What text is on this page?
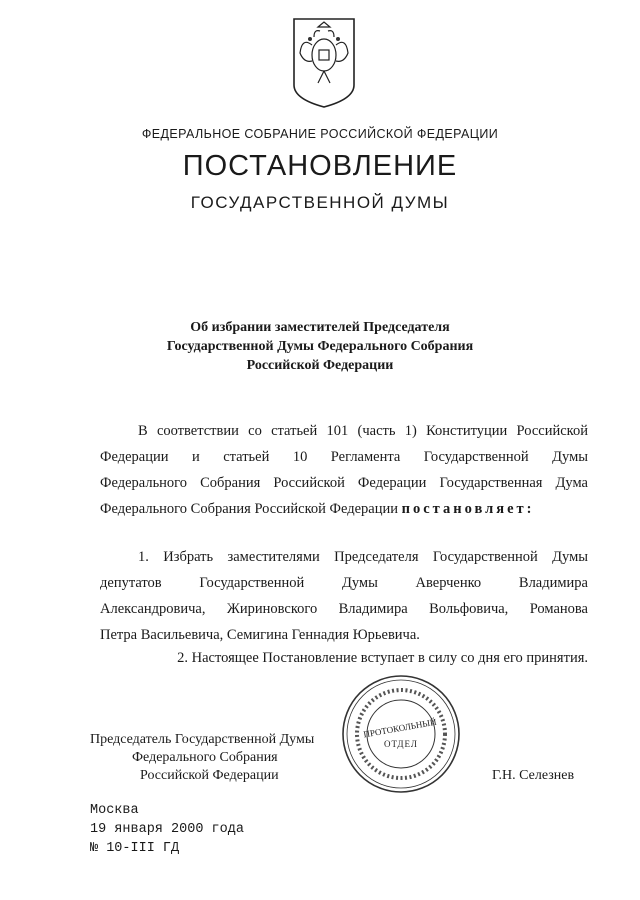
ФЕДЕРАЛЬНОЕ СОБРАНИЕ РОССИЙСКОЙ ФЕДЕРАЦИИ
ПОСТАНОВЛЕНИЕ
ГОСУДАРСТВЕННОЙ ДУМЫ
Об избрании заместителей Председателя
Государственной Думы Федерального Собрания
Российской Федерации
В соответствии со статьей 101 (часть 1) Конституции Российской
Федерации и статьей 10 Регламента Государственной Думы
Федерального Собрания Российской Федерации Государственная Дума
Федерального Собрания Российской Федерации постановляет:
1. Избрать заместителями Председателя Государственной Думы
депутатов Государственной Думы Аверченко Владимира
Александровича, Жириновского Владимира Вольфовича, Романова
Петра Васильевича, Семигина Геннадия Юрьевича.
2. Настоящее Постановление вступает в силу со дня его принятия.
Председатель Государственной Думы
Федерального Собрания
Российской Федерации	Г.Н. Селезнев
ПРОТОКОЛЬНЫЙ
ОТДЕЛ
Москва
19 января 2000 года
№ 10-III ГД
